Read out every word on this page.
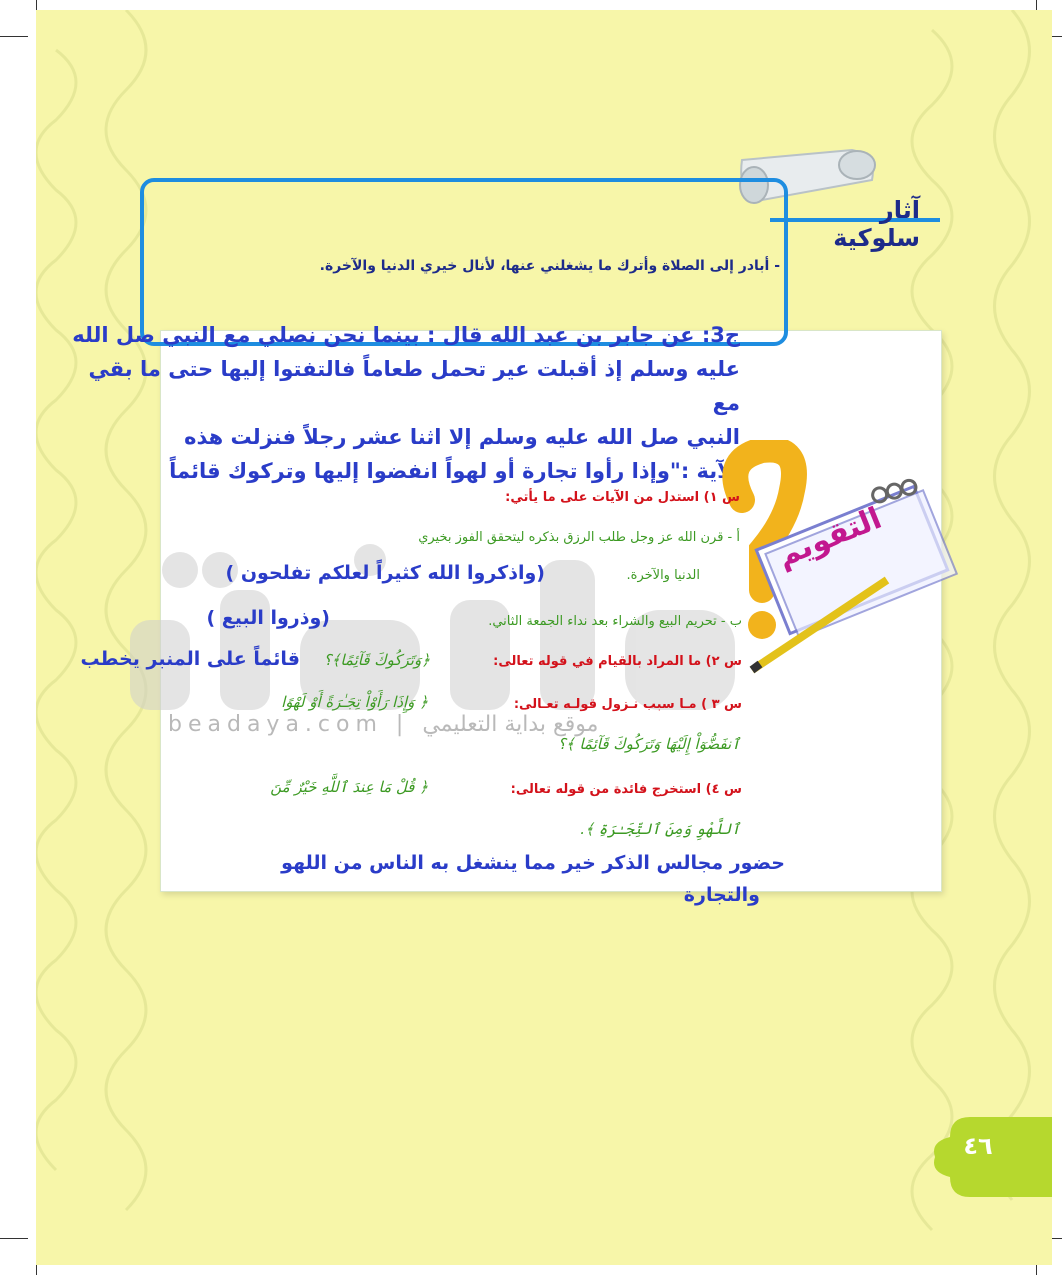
آثار سلوكية
- أبادر إلى الصلاة وأترك ما يشغلني عنها، لأنال خيري الدنيا والآخرة.
ج3: عن جابر بن عبد الله قال : بينما نحن نصلي مع النبي صل الله
عليه وسلم إذ أقبلت عير تحمل طعاماً فالتفتوا إليها حتى ما بقي مع
النبي صل الله عليه وسلم إلا اثنا عشر رجلاً فنزلت هذه
الآية :"وإذا رأوا تجارة أو لهواً انفضوا إليها وتركوك قائماً
التقويم
س ١) استدل من الآيات على ما يأتي:
أ - قرن الله عز وجل طلب الرزق بذكره ليتحقق الفوز بخيري
الدنيا والآخرة.
(واذكروا الله كثيراً لعلكم تفلحون )
ب - تحريم البيع والشراء بعد نداء الجمعة الثاني.
(وذروا البيع )
س ٢) ما المراد بالقيام في قوله تعالى:
﴿وَتَرَكُوكَ قَآئِمًا﴾؟
قائماً على المنبر يخطب
س ٣ ) مـا سبب نـزول قولـه تعـالى:
﴿ وَإِذَا رَأَوْاْ تِجَـٰرَةً أَوْ لَهْوًا
ٱنفَضُّوٓاْ إِلَيْهَا وَتَرَكُوكَ قَآئِمًا ﴾؟
beadaya.com | موقع بداية التعليمي
س ٤) استخرج فائدة من قوله تعالى:
﴿ قُلْ مَا عِندَ ٱللَّهِ خَيْرٌ مِّنَ
ٱللَّهْوِ وَمِنَ ٱلتِّجَـٰرَةِ ﴾.
حضور مجالس الذكر خير مما ينشغل به الناس من اللهو
والتجارة
٤٦
